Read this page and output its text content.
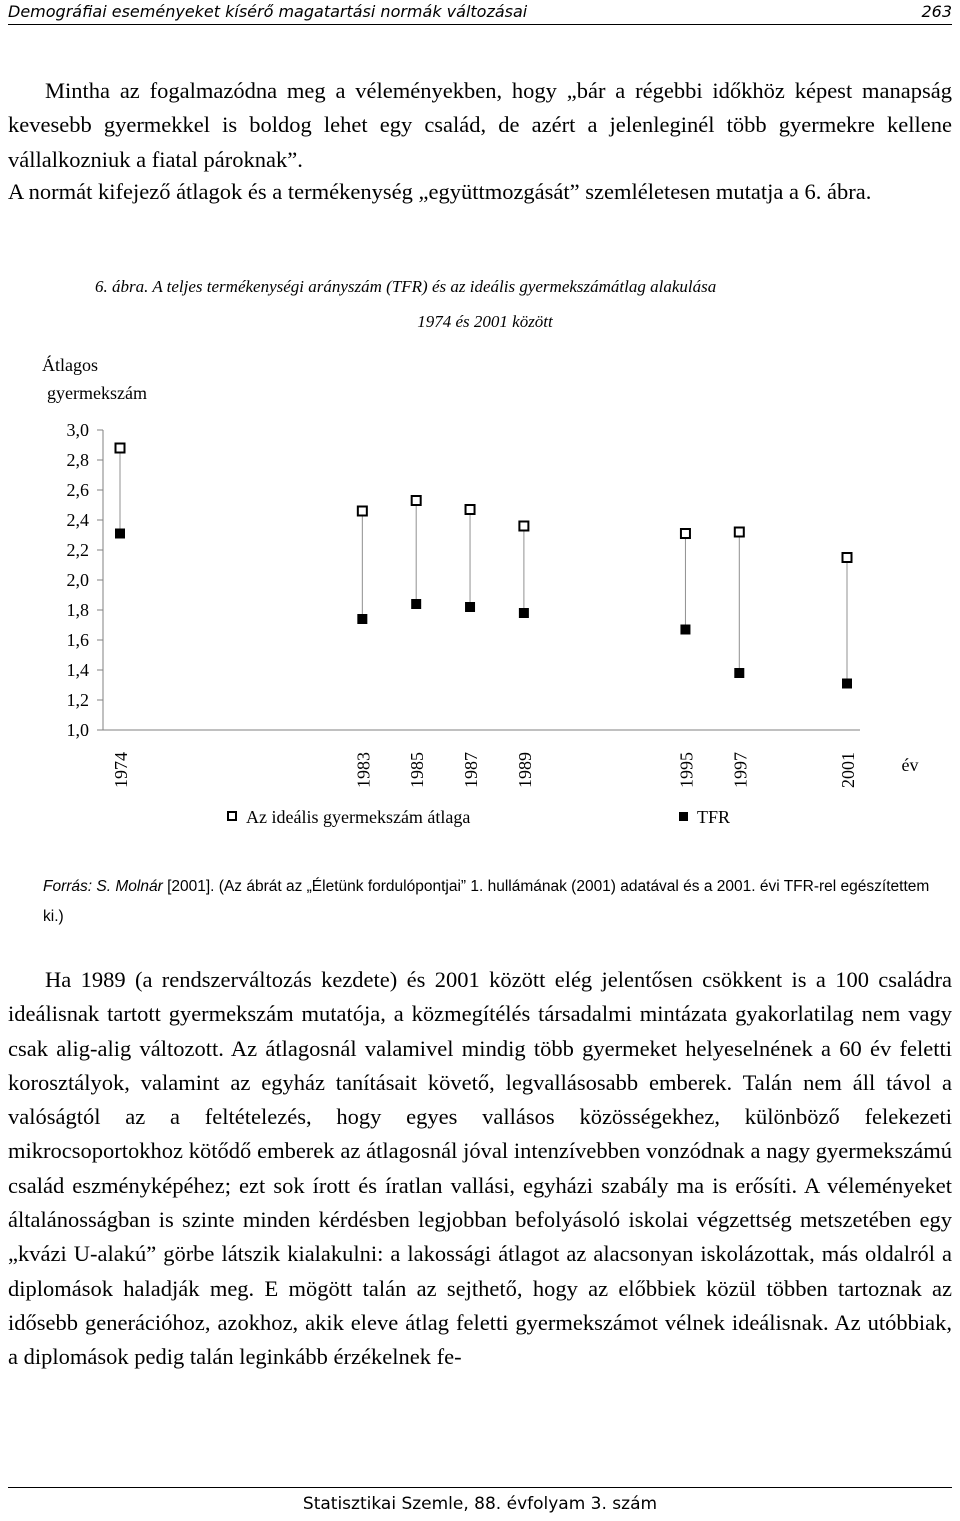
Demográfiai eseményeket kísérő magatartási normák változásai	263

Mintha az fogalmazódna meg a véleményekben, hogy „bár a régebbi időkhöz képest manapság kevesebb gyermekkel is boldog lehet egy család, de azért a jelenleginél több gyermekre kellene vállalkozniuk a fiatal pároknak”.

A normát kifejező átlagok és a termékenység „együttmozgását” szemléletesen mutatja a 6. ábra.

6. ábra. A teljes termékenységi arányszám (TFR) és az ideális gyermekszámátlag alakulása
1974 és 2001 között
Átlagos
gyermekszám
3,0
2,8
2,6
2,4
2,2
2,0
1,8
1,6
1,4
1,2
1,0
1974	1983 1985 1987 1989	1995 1997	2001 év
Az ideális gyermekszám átlaga	TFR
Forrás: S. Molnár [2001]. (Az ábrát az „Életünk fordulópontjai” 1. hullámának (2001) adatával és a 2001. évi TFR-rel egészítettem ki.)

Ha 1989 (a rendszerváltozás kezdete) és 2001 között elég jelentősen csökkent is a 100 családra ideálisnak tartott gyermekszám mutatója, a közmegítélés társadalmi mintázata gyakorlatilag nem vagy csak alig-alig változott. Az átlagosnál valamivel mindig több gyermeket helyeselnének a 60 év feletti korosztályok, valamint az egyház tanításait követő, legvallásosabb emberek. Talán nem áll távol a valóságtól az a feltételezés, hogy egyes vallásos közösségekhez, különböző felekezeti mikrocsoportokhoz kötődő emberek az átlagosnál jóval intenzívebben vonzódnak a nagy gyermekszámú család eszményképéhez; ezt sok írott és íratlan vallási, egyházi szabály ma is erősíti. A véleményeket általánosságban is szinte minden kérdésben legjobban befolyásoló iskolai végzettség metszetében egy „kvázi U-alakú” görbe látszik kialakulni: a lakossági átlagot az alacsonyan iskolázottak, más oldalról a diplomások haladják meg. E mögött talán az sejthető, hogy az előbbiek közül többen tartoznak az idősebb generációhoz, azokhoz, akik eleve átlag feletti gyermekszámot vélnek ideálisnak. Az utóbbiak, a diplomások pedig talán leginkább érzékelnek fe-

Statisztikai Szemle, 88. évfolyam 3. szám
